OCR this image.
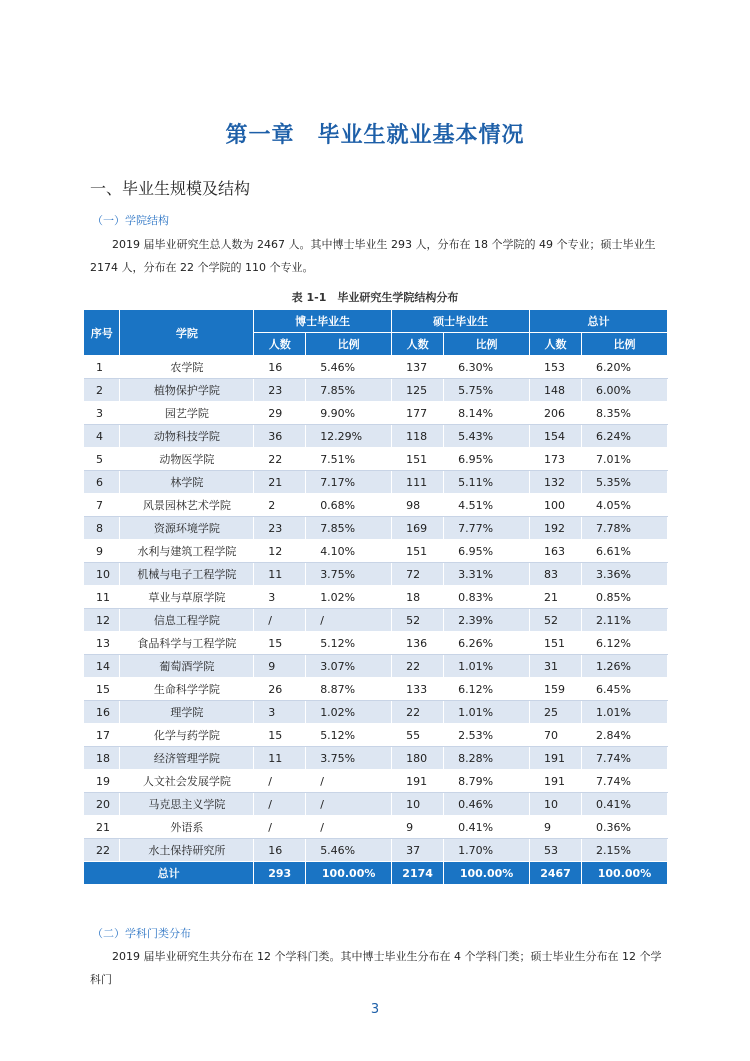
第一章　毕业生就业基本情况
一、毕业生规模及结构
（一）学院结构
2019 届毕业研究生总人数为 2467 人。其中博士毕业生 293 人，分布在 18 个学院的 49 个专业；硕士毕业生 2174 人，分布在 22 个学院的 110 个专业。
表 1-1　毕业研究生学院结构分布
序号	学院	博士毕业生		硕士毕业生		总计	
		人数	比例	人数	比例	人数	比例
1	农学院	16	5.46%	137	6.30%	153	6.20%
2	植物保护学院	23	7.85%	125	5.75%	148	6.00%
3	园艺学院	29	9.90%	177	8.14%	206	8.35%
4	动物科技学院	36	12.29%	118	5.43%	154	6.24%
5	动物医学院	22	7.51%	151	6.95%	173	7.01%
6	林学院	21	7.17%	111	5.11%	132	5.35%
7	风景园林艺术学院	2	0.68%	98	4.51%	100	4.05%
8	资源环境学院	23	7.85%	169	7.77%	192	7.78%
9	水利与建筑工程学院	12	4.10%	151	6.95%	163	6.61%
10	机械与电子工程学院	11	3.75%	72	3.31%	83	3.36%
11	草业与草原学院	3	1.02%	18	0.83%	21	0.85%
12	信息工程学院	/	/	52	2.39%	52	2.11%
13	食品科学与工程学院	15	5.12%	136	6.26%	151	6.12%
14	葡萄酒学院	9	3.07%	22	1.01%	31	1.26%
15	生命科学学院	26	8.87%	133	6.12%	159	6.45%
16	理学院	3	1.02%	22	1.01%	25	1.01%
17	化学与药学院	15	5.12%	55	2.53%	70	2.84%
18	经济管理学院	11	3.75%	180	8.28%	191	7.74%
19	人文社会发展学院	/	/	191	8.79%	191	7.74%
20	马克思主义学院	/	/	10	0.46%	10	0.41%
21	外语系	/	/	9	0.41%	9	0.36%
22	水土保持研究所	16	5.46%	37	1.70%	53	2.15%
总计		293	100.00%	2174	100.00%	2467	100.00%
（二）学科门类分布
2019 届毕业研究生共分布在 12 个学科门类。其中博士毕业生分布在 4 个学科门类；硕士毕业生分布在 12 个学科门
3
